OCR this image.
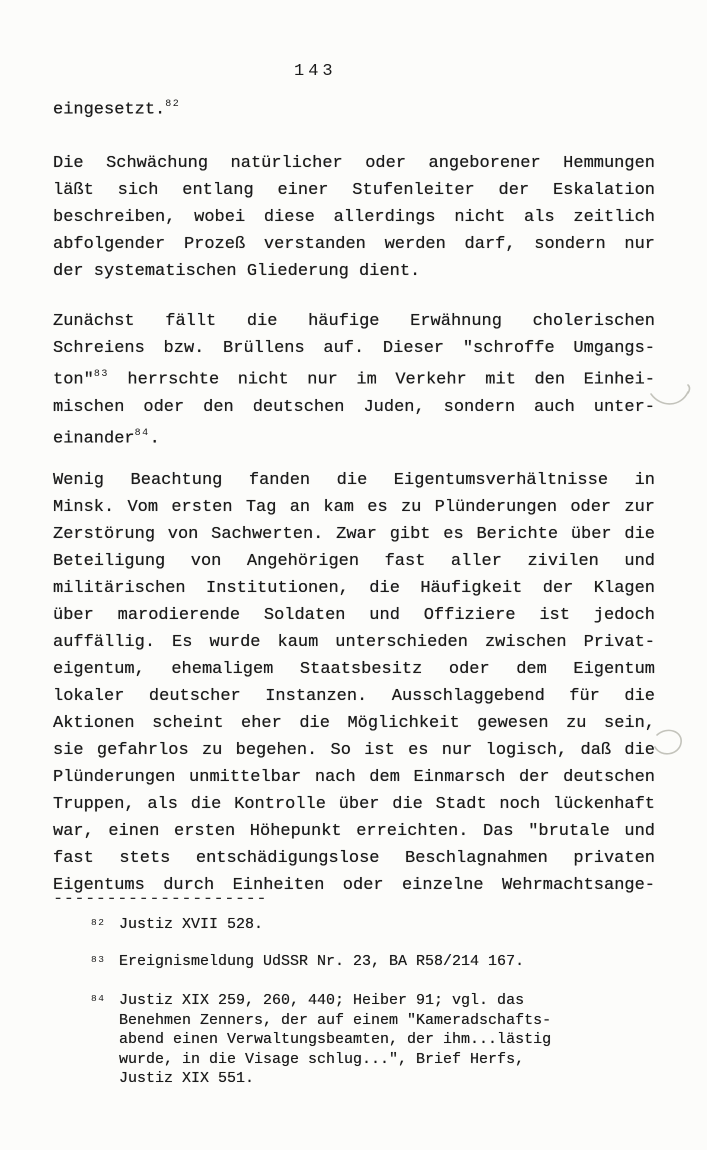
143
eingesetzt.$^{82}$
Die Schwächung natürlicher oder angeborener Hemmungen
läßt sich entlang einer Stufenleiter der Eskalation
beschreiben, wobei diese allerdings nicht als zeitlich
abfolgender Prozeß verstanden werden darf, sondern nur
der systematischen Gliederung dient.
Zunächst fällt die häufige Erwähnung cholerischen
Schreiens bzw. Brüllens auf. Dieser "schroffe Umgangs-
ton"$^{83}$ herrschte nicht nur im Verkehr mit den Einhei-
mischen oder den deutschen Juden, sondern auch unter-
einander$^{84}$.
Wenig Beachtung fanden die Eigentumsverhältnisse in
Minsk. Vom ersten Tag an kam es zu Plünderungen oder zur
Zerstörung von Sachwerten. Zwar gibt es Berichte über die
Beteiligung von Angehörigen fast aller zivilen und
militärischen Institutionen, die Häufigkeit der Klagen
über marodierende Soldaten und Offiziere ist jedoch
auffällig. Es wurde kaum unterschieden zwischen Privat-
eigentum, ehemaligem Staatsbesitz oder dem Eigentum
lokaler deutscher Instanzen. Ausschlaggebend für die
Aktionen scheint eher die Möglichkeit gewesen zu sein,
sie gefahrlos zu begehen. So ist es nur logisch, daß die
Plünderungen unmittelbar nach dem Einmarsch der deutschen
Truppen, als die Kontrolle über die Stadt noch lückenhaft
war, einen ersten Höhepunkt erreichten. Das "brutale und
fast stets entschädigungslose Beschlagnahmen privaten
Eigentums durch Einheiten oder einzelne Wehrmachtsange-
--------------------
$^{82}$ Justiz XVII 528.
$^{83}$ Ereignismeldung UdSSR Nr. 23, BA R58/214 167.
$^{84}$ Justiz XIX 259, 260, 440; Heiber 91; vgl. das
Benehmen Zenners, der auf einem "Kameradschafts-
abend einen Verwaltungsbeamten, der ihm...lästig
wurde, in die Visage schlug...", Brief Herfs,
Justiz XIX 551.
